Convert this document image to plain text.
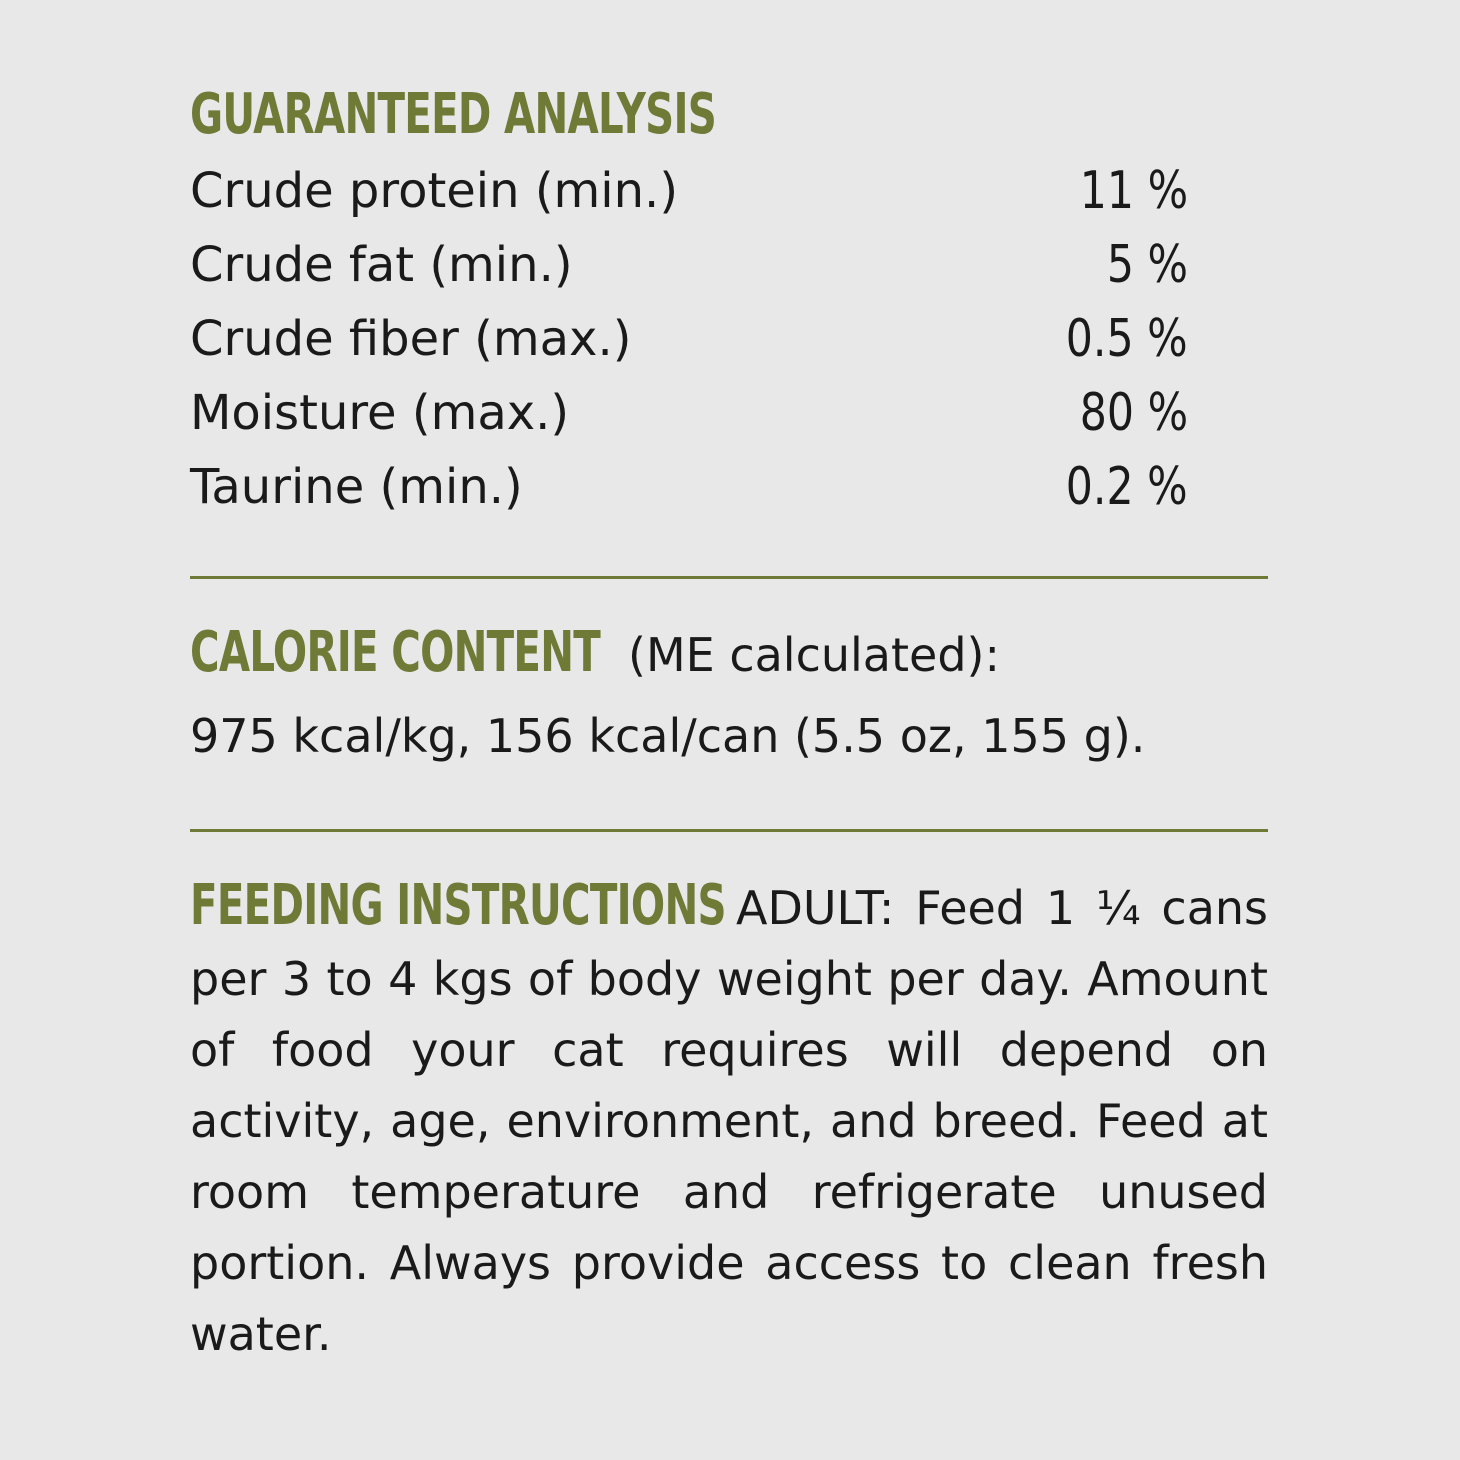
GUARANTEED ANALYSIS
Crude protein (min.)	11 %
Crude fat (min.)	5 %
Crude fiber (max.)	0.5 %
Moisture (max.)	80 %
Taurine (min.)	0.2 %
CALORIE CONTENT (ME calculated):
975 kcal/kg, 156 kcal/can (5.5 oz, 155 g).

FEEDING INSTRUCTIONS ADULT: Feed 1 ¼ cans per 3 to 4 kgs of body weight per day. Amount of food your cat requires will depend on activity, age, environment, and breed. Feed at room temperature and refrigerate unused portion. Always provide access to clean fresh water.
